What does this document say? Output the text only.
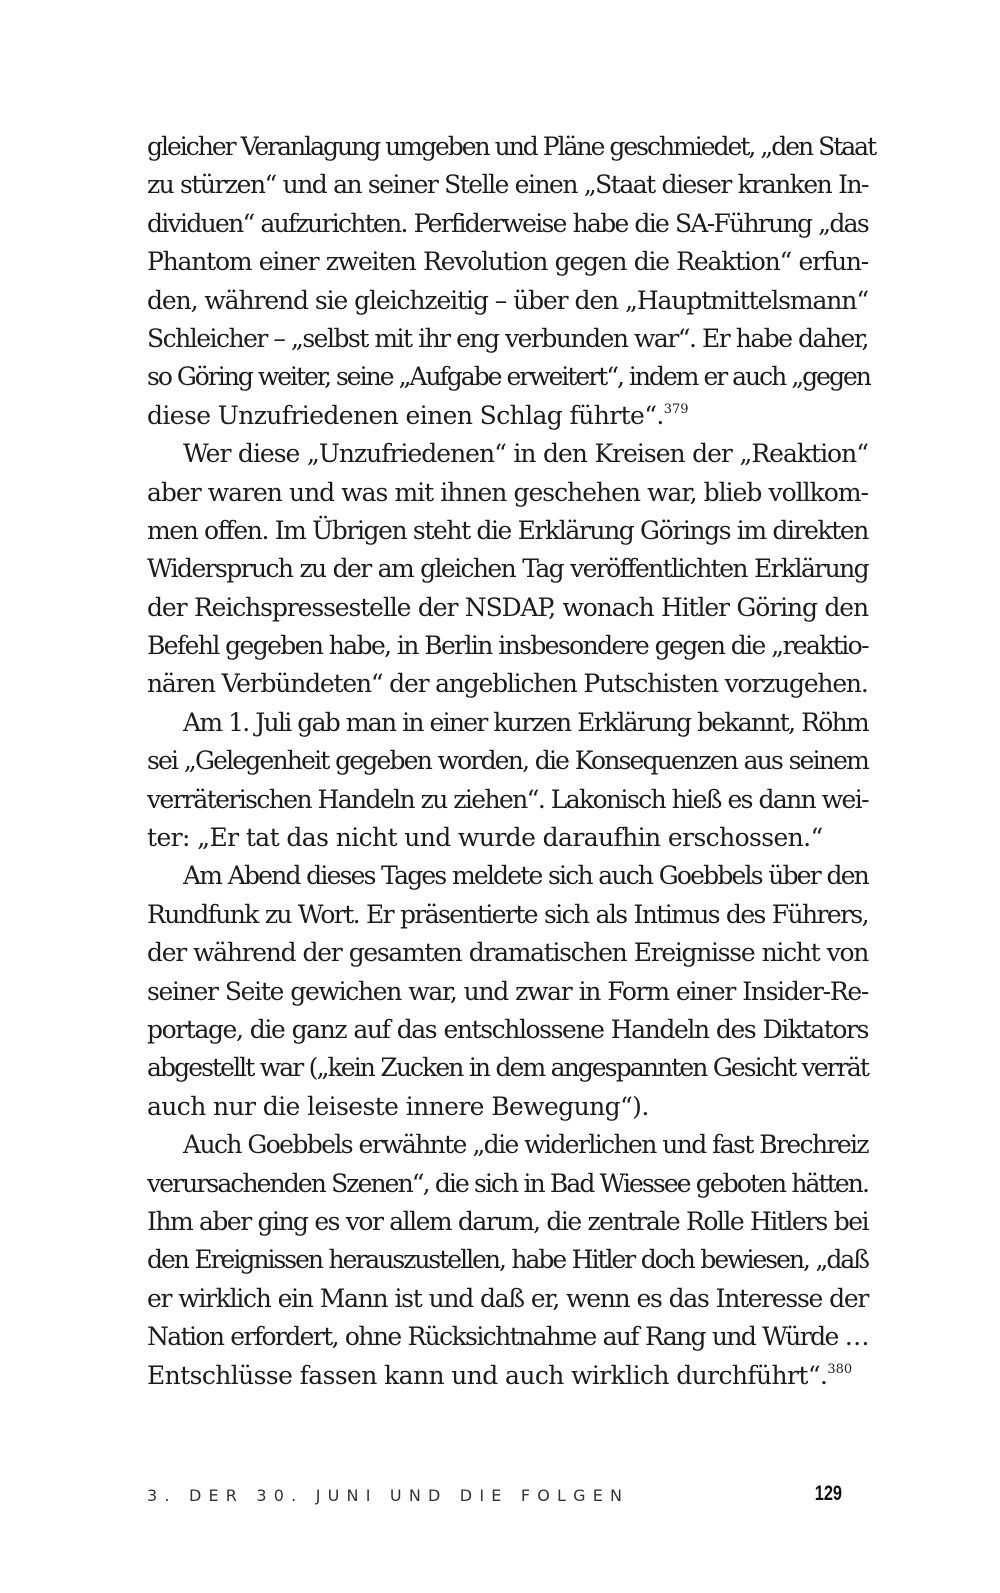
gleicher Veranlagung umgeben und Pläne geschmiedet, „den Staat
zu stürzen“ und an seiner Stelle einen „Staat dieser kranken In-
dividuen“ aufzurichten. Perfiderweise habe die SA-Führung „das
Phantom einer zweiten Revolution gegen die Reaktion“ erfun-
den, während sie gleichzeitig – über den „Hauptmittelsmann“
Schleicher – „selbst mit ihr eng verbunden war“. Er habe daher,
so Göring weiter, seine „Aufgabe erweitert“, indem er auch „gegen
diese Unzufriedenen einen Schlag führte“.$^{379}$
Wer diese „Unzufriedenen“ in den Kreisen der „Reaktion“
aber waren und was mit ihnen geschehen war, blieb vollkom-
men offen. Im Übrigen steht die Erklärung Görings im direkten
Widerspruch zu der am gleichen Tag veröffentlichten Erklärung
der Reichspressestelle der NSDAP, wonach Hitler Göring den
Befehl gegeben habe, in Berlin insbesondere gegen die „reaktio-
nären Verbündeten“ der angeblichen Putschisten vorzugehen.
Am 1. Juli gab man in einer kurzen Erklärung bekannt, Röhm
sei „Gelegenheit gegeben worden, die Konsequenzen aus seinem
verräterischen Handeln zu ziehen“. Lakonisch hieß es dann wei-
ter: „Er tat das nicht und wurde daraufhin erschossen.“
Am Abend dieses Tages meldete sich auch Goebbels über den
Rundfunk zu Wort. Er präsentierte sich als Intimus des Führers,
der während der gesamten dramatischen Ereignisse nicht von
seiner Seite gewichen war, und zwar in Form einer Insider-Re-
portage, die ganz auf das entschlossene Handeln des Diktators
abgestellt war („kein Zucken in dem angespannten Gesicht verrät
auch nur die leiseste innere Bewegung“).
Auch Goebbels erwähnte „die widerlichen und fast Brechreiz
verursachenden Szenen“, die sich in Bad Wiessee geboten hätten.
Ihm aber ging es vor allem darum, die zentrale Rolle Hitlers bei
den Ereignissen herauszustellen, habe Hitler doch bewiesen, „daß
er wirklich ein Mann ist und daß er, wenn es das Interesse der
Nation erfordert, ohne Rücksichtnahme auf Rang und Würde …
Entschlüsse fassen kann und auch wirklich durchführt“.$^{380}$
3. DER 30. JUNI UND DIE FOLGEN	129
